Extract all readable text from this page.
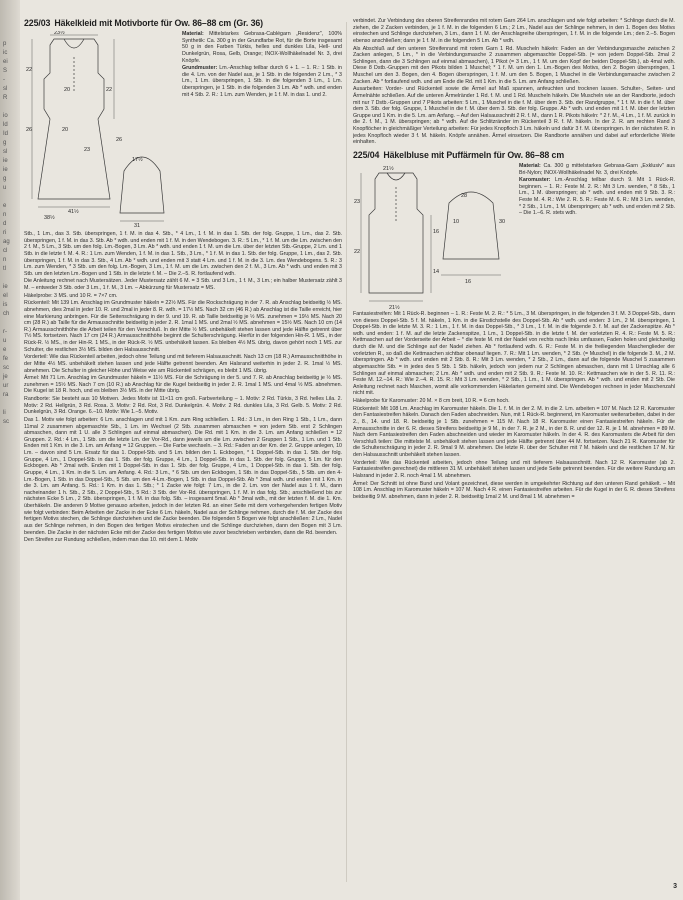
p
ic
ei
S
-
sl
R

io
ld
Id
g
sl
ie
ie
g
u

e
n
d
ri
ag
cl
n
tl

ie
el
is
ch

r-
u
e
fe
sc
je
ur
ra

li
sc

225/03 Häkelkleid mit Motivborte für Ow. 86–88 cm (Gr. 36)
23½
22
26
20	22
20
23
26
41½
38½
17½
31
Material: Mittelstarkes Gebrasa-Cablégarn „Residenz", 100% Synthetik: Ca. 300 g in der Grundfarbe Rot, für die Borte insgesamt 50 g in den Farben Türkis, helles und dunkles Lila, Hell- und Dunkelgrün, Rosa, Gelb, Orange; INOX-Wollhäkelnadel Nr. 3, drei Knöpfe.
Grundmuster: Lm.-Anschlag teilbar durch 6 + 1. – 1. R.: 1 Stb. in die 4. Lm. von der Nadel aus, je 1 Stb. in die folgenden 2 Lm., * 3 Lm., 1 Lm. überspringen, 1 Stb. in die folgenden 3 Lm., 1 Lm. überspringen, je 1 Stb. in die folgenden 3 Lm. Ab * wdh. und enden mit 4 Stb. 2. R.: 1 Lm. zum Wenden, je 1 f. M. in das 1. und 2.
Stb., 1 Lm., das 3. Stb. überspringen, 1 f. M. in das 4. Stb., * 4 Lm., 1 f. M. in das 1. Stb. der folg. Gruppe, 1 Lm., das 2. Stb. überspringen, 1 f. M. in das 3. Stb. Ab * wdh. und enden mit 1 f. M. in den Wendebogen. 3. R.: 5 Lm., * 1 f. M. um die Lm. zwischen den 2 f. M., 5 Lm., 3 Stb. um den folg. Lm.-Bogen, 3 Lm. Ab * wdh. und enden 1 f. M. um die Lm. über der letzten Stb.-Gruppe, 2 Lm. und 1 Stb. in die letzte f. M. 4. R.: 1 Lm. zum Wenden, 1 f. M. in das 1. Stb., 3 Lm., * 1 f. M. in das 1. Stb. der folg. Gruppe, 1 Lm., das 2. Stb. überspringen, 1 f. M. in das 3. Stb., 4 Lm. Ab * wdh. und enden mit 3 statt 4 Lm. und 1 f. M. in die 3. Lm. des Wendebogens. 5. R.: 3 Lm. zum Wenden, * 3 Stb. um den folg. Lm.-Bogen, 3 Lm., 1 f. M. um die Lm. zwischen den 2 f. M., 3 Lm. Ab * wdh. und enden mit 3 Stb. um den letzten Lm.-Bogen und 1 Stb. in die letzte f. M. – Die 2.–5. R. fortlaufend wdh.
Die Anleitung rechnet nach Mustersätzen. Jeder Mustersatz zählt 6 M. = 3 Stb. und 3 Lm., 1 f. M., 3 Lm.; ein halber Mustersatz zählt 3 M. – entweder 3 Stb. oder 3 Lm., 1 f. M., 3 Lm. – Abkürzung für Mustersatz = MS.
Häkelprobe: 3 MS. und 10 R. = 7×7 cm.
Rückenteil: Mit 139 Lm. Anschlag im Grundmuster häkeln = 22½ MS. Für die Rockschrägung in der 7. R. ab Anschlag beidseitig ½ MS. abnehmen, dies 2mal in jeder 10. R. und 2mal in jeder 8. R. wdh. = 17½ MS. Nach 32 cm (46 R.) ab Anschlag ist die Taille erreicht, hier eine Markierung anbringen. Für die Seitenschrägung in der 9. und 19. R. ab Taille beidseitig je ½ MS. zunehmen = 19½ MS. Nach 20 cm (28 R.) ab Taille für die Armausschnitte beidseitig in jeder 2. R. 1mal 1 MS. und 2mal ½ MS. abnehmen = 15½ MS. Nach 10 cm (14 R.) Armausschnitthöhe die Arbeit teilen für den Verschluß. In der Mitte ½ MS. unbehäkelt stehen lassen und jede Hälfte getrennt über 7½ MS. fortsetzen. Nach 17 cm (24 R.) Armausschnitthöhe beginnt die Schulterschrägung. Hierfür in der folgenden Hin-R. 1 MS., in der Rück-R. ½ MS., in der Hin-R. 1 MS., in der Rück-R. ½ MS. unbehäkelt lassen. Es bleiben 4½ MS. übrig, davon gehört noch 1 MS. zur Schulter, die restlichen 3½ MS. bilden den Halsausschnitt.
Vorderteil: Wie das Rückenteil arbeiten, jedoch ohne Teilung und mit tieferem Halsausschnitt. Nach 13 cm (18 R.) Armausschnitthöhe in der Mitte 4½ MS. unbehäkelt stehen lassen und jede Hälfte getrennt beenden. Am Halsrand weiterhin in jeder 2. R. 1mal ½ MS. abnehmen. Die Schulter in gleicher Höhe und Weise wie am Rückenteil schrägen, es bleibt 1 MS. übrig.
Ärmel: Mit 71 Lm. Anschlag im Grundmuster häkeln = 11½ MS. Für die Schrägung in der 5. und 7. R. ab Anschlag beidseitig je ½ MS. zunehmen = 15½ MS. Nach 7 cm (10 R.) ab Anschlag für die Kugel beidseitig in jeder 2. R. 1mal 1 MS. und 4mal ½ MS. abnehmen. Die Kugel ist 18 R. hoch, und es bleiben 3½ MS. in der Mitte übrig.
Randborte: Sie besteht aus 10 Motiven. Jedes Motiv ist 11×11 cm groß. Farbverteilung – 1. Motiv: 2 Rd. Türkis, 3 Rd. helles Lila. 2. Motiv: 2 Rd. Hellgrün, 3 Rd. Rosa. 3. Motiv: 2 Rd. Rot, 3 Rd. Dunkelgrün. 4. Motiv: 2 Rd. dunkles Lila, 3 Rd. Gelb. 5. Motiv: 2 Rd. Dunkelgrün, 3 Rd. Orange. 6.–10. Motiv: Wie 1.–5. Motiv.
Das 1. Motiv wie folgt arbeiten: 6 Lm. anschlagen und mit 1 Km. zum Ring schließen. 1. Rd.: 3 Lm., in den Ring 1 Stb., 1 Lm., dann 11mal 2 zusammen abgemaschte Stb., 1 Lm. im Wechsel (2 Stb. zusammen abmaschen = von jedem Stb. erst 2 Schlingen abmaschen, dann mit 1 U. alle 3 Schlingen auf einmal abmaschen). Die Rd. mit 1 Km. in die 3. Lm. am Anfang schließen = 12 Gruppen. 2. Rd.: 4 Lm., 1 Stb. um die letzte Lm. der Vor-Rd., dann jeweils um die Lm. zwischen 2 Gruppen 1 Stb., 1 Lm. und 1 Stb. Enden mit 1 Km. in die 3. Lm. am Anfang = 12 Gruppen. – Die Farbe wechseln. – 3. Rd.: Faden an der Km. der 2. Gruppe anlegen, 10 Lm. – davon sind 5 Lm. Ersatz für das 1. Doppel-Stb. und 5 Lm. bilden den 1. Eckbogen, * 1 Doppel-Stb. in das 1. Stb. der folg. Gruppe, 4 Lm., 1 Doppel-Stb. in das 1. Stb. der folg. Gruppe, 4 Lm., 1 Doppel-Stb. in das 1. Stb. der folg. Gruppe, 5 Lm. für den Eckbogen. Ab * 2mal wdh. Enden mit 1 Doppel-Stb. in das 1. Stb. der folg. Gruppe, 4 Lm., 1 Doppel-Stb. in das 1. Stb. der folg. Gruppe, 4 Lm., 1 Km. in die 5. Lm. am Anfang. 4. Rd.: 3 Lm., * 6 Stb. um den Eckbogen, 1 Stb. in das Doppel-Stb., 5 Stb. um den 4-Lm.-Bogen, 1 Stb. in das Doppel-Stb., 5 Stb. um den 4-Lm.-Bogen, 1 Stb. in das Doppel-Stb. Ab * 3mal wdh. und enden mit 1 Km. in die 3. Lm. am Anfang. 5. Rd.: 1 Km. in das 1. Stb.; * 1 Zacke wie folgt: 7 Lm., in die 2. Lm. von der Nadel aus 1 f. M., dann nacheinander 1 h. Stb., 2 Stb., 2 Doppel-Stb., 5 Rd.: 3 Stb. der Vor-Rd. überspringen, 1 f. M. in das folg. Stb.; anschließend bis zur nächsten Ecke 5 Lm., 2 Stb. überspringen, 1 f. M. in das folg. Stb. – insgesamt 5mal. Ab * 3mal wdh., mit der letzten f. M. die 1. Km. überhäkeln. Die anderen 9 Motive genauso arbeiten, jedoch in der letzten Rd. an einer Seite mit dem vorhergehenden fertigen Motiv wie folgt verbinden: Beim Arbeiten der Zacke in der Ecke 6 Lm. häkeln, Nadel aus der Schlinge nehmen, durch die f. M. der Zacke des fertigen Motivs stechen, die Schlinge durchziehen und die Zacke beenden. Die folgenden 5 Bogen wie folgt anschließen: 2 Lm., Nadel aus der Schlinge nehmen, in den Bogen des fertigen Motivs einstechen und die Schlinge durchziehen, dann den Bogen mit 3 Lm. beenden. Die Zacke in der nächsten Ecke mit der Zacke des fertigen Motivs wie zuvor beschrieben verbinden, dann die Rd. beenden.
Den Streifen zur Rundung schließen, indem man das 10. mit dem 1. Motiv
verbindet. Zur Verbindung des oberen Streifenrandes mit rotem Garn 264 Lm. anschlagen und wie folgt arbeiten: * Schlinge durch die M. ziehen, die 2 Zacken verbinden, je 1 f. M. in die folgenden 6 Lm.; 2 Lm., Nadel aus der Schlinge nehmen, in den 1. Bogen des Motivs einstechen und Schlinge durchziehen, 3 Lm., dann 1 f. M. der Anschlagreihe überspringen, 1 f. M. in die folgende Lm.; den 2.–5. Bogen ebenso anschließen; dann je 1 f. M. in die folgenden 5 Lm. Ab * wdh.
Als Abschluß auf den unteren Streifenrand mit rotem Garn 1 Rd. Muscheln häkeln: Faden an der Verbindungsmasche zwischen 2 Zacken anlegen, 5 Lm., * in die Verbindungsmasche 2 zusammen abgemaschte Doppel-Stb. (= von jedem Doppel-Stb. 2mal 2 Schlingen, dann die 3 Schlingen auf einmal abmaschen), 1 Pikot (= 3 Lm., 1 f. M. um den Kopf der beiden Doppel-Stb.), ab 4mal wdh. Diese 8 Dstb.-Gruppen mit den Pikots bilden 1 Muschel; * 1 f. M. um den 1. Lm.-Bogen des Motivs, den 2. Bogen überspringen, 1 Muschel um den 3. Bogen, den 4. Bogen überspringen, 1 f. M. um den 5. Bogen, 1 Muschel in die Verbindungsmasche zwischen 2 Zacken. Ab * fortlaufend wdh. und am Ende die Rd. mit 1 Km. in die 5. Lm. am Anfang schließen.
Ausarbeiten: Vorder- und Rückenteil sowie die Ärmel auf Maß spannen, anfeuchten und trocknen lassen. Schulter-, Seiten- und Ärmelnähte schließen. Auf die unteren Ärmelränder 1 Rd. f. M. und 1 Rd. Muscheln häkeln. Die Muscheln wie an der Randborte, jedoch mit nur 7 Dstb.-Gruppen und 7 Pikots arbeiten: 5 Lm., 1 Muschel in die f. M. über dem 3. Stb. der Randgruppe, * 1 f. M. in die f. M. über dem 3. Stb. der folg. Gruppe, 1 Muschel in die f. M. über dem 3. Stb. der folg. Gruppe. Ab * wdh. und enden mit 1 f. M. über der letzten Gruppe und 1 Km. in die 5. Lm. am Anfang. – Auf den Halsausschnitt 2 R. f. M., dann 1 R. Pikots häkeln: * 2 f. M., 4 Lm., 1 f. M. zurück in die 2. f. M., 1 M. überspringen; ab * wdh. Auf die Schlitzränder im Rückenteil 3 R. f. M. häkeln. In der 2. R. am rechten Rand 3 Knopflöcher in gleichmäßiger Verteilung arbeiten: Für jedes Knopfloch 3 Lm. häkeln und dafür 3 f. M. überspringen. In der nächsten R. in jedes Knopfloch wieder 3 f. M. häkeln. Knöpfe annähen. Ärmel einsetzen. Die Randborte annähen und dabei auf erforderliche Weite einhalten.
225/04 Häkelbluse mit Puffärmeln für Ow. 86–88 cm
21½
23
22
16
14
28
21½
10
16
30
Material: Ca. 300 g mittelstarkes Gebrasa-Garn „Exklusiv" aus Bri-Nylon; INOX-Wollhäkelnadel Nr. 3, drei Knöpfe.
Karomuster: Lm.-Anschlag teilbar durch 9. Mit 1 Rück-R. beginnen. – 1. R.: Feste M. 2. R.: Mit 3 Lm. wenden, * 8 Stb., 1 Lm., 1 M. überspringen; ab * wdh. und enden mit 9 Stb. 3. R.: Feste M. 4. R.: Wie 2. R. 5. R.: Feste M. 6. R.: Mit 3 Lm. wenden, * 2 Stb., 1 Lm., 1 M. überspringen; ab * wdh. und enden mit 2 Stb. – Die 1.–6. R. stets wdh.
Fantasiestreifen: Mit 1 Rück-R. beginnen – 1. R.: Feste M. 2. R.: * 5 Lm., 3 M. überspringen, in die folgenden 3 f. M. 3 Doppel-Stb., dann von dieses Doppel-Stb. 5 f. M. häkeln, 1 Km. in die Einstichstelle des Doppel-Stb. Ab * wdh. und enden: 3 Lm., 2 M. überspringen, 1 Doppel-Stb. in die letzte M. 3. R.: 1 Lm., 1 f. M. in das Doppel-Stb., * 3 Lm., 1 f. M. in die folgende 3. f. M. auf der Zackenspitze. Ab * wdh. und enden: 1 f. M. auf die letzte Zackenspitze, 1 Lm., 1 Doppel-Stb. in die letzte f. M. der vorletzten R. 4. R.: Feste M. 5. R.: Kettmaschen auf der Vorderseite der Arbeit – * die feste M. mit der Nadel von rechts nach links umfassen, Faden holen und gleichzeitig durch die M. und die Schlinge auf der Nadel ziehen. Ab * fortlaufend wdh. 6. R.: Feste M. in die freiliegenden Maschenglieder der vorletzten R., so daß die Kettmaschen sichtbar obenauf liegen. 7. R.: Mit 1 Lm. wenden, * 2 Stb. (= Muschel) in die folgende 3. M., 2 M. überspringen. Ab * wdh. und enden mit 2 Stb. 8. R.: Mit 3 Lm. wenden, * 2 Stb., 2 Lm., dann auf die folgende Muschel 5 zusammen abgemaschte Stb. = in jedes des 5 Stb. 1 Stb. häkeln, jedoch von jedem nur 2 Schlingen abmaschen, dann mit 1 Umschlag alle 6 Schlingen auf einmal abmaschen; 2 Lm. Ab * wdh. und enden mit 2 Stb. 9. R.: Feste M. 10. R.: Kettmaschen wie in der 5. R. 11. R.: Feste M. 12.–14. R.: Wie 2.–4. R. 15. R.: Mit 3 Lm. wenden, * 2 Stb., 1 Lm., 1 M. überspringen. Ab * wdh. und enden mit 2 Stb. Die Anleitung rechnet nach Maschen, womit alle vorkommenden Häkelarten gemeint sind. Die Wendebogen rechnen in jeder Maschenzahl nicht mit.
Häkelprobe für Karomuster: 20 M. × 8 cm breit, 10 R. = 6 cm hoch.
Rückenteil: Mit 108 Lm. Anschlag im Karomuster häkeln. Die 1. f. M. in der 2. M. in die 2. Lm. arbeiten = 107 M. Nach 12 R. Karomuster den Fantasiestreifen häkeln. Danach den Faden abschneiden. Nun, mit 1 Rück-R. beginnend, im Karomuster weiterarbeiten, dabei in der 2., 8., 14. und 18. R. beidseitig je 1 Stb. zunehmen = 115 M. Nach 18 R. Karomuster einen Fantasiestreifen häkeln. Für die Armausschnitte in der 6. R. dieses Streifens beidseitig je 9 M., in der 7. R. je 2 M., in der 8. R. und der 12. R. je 1 M. abnehmen = 89 M. Nach dem Fantasiestreifen den Faden abschneiden und wieder im Karomuster häkeln. In der 4. R. des Karomusters die Arbeit für den Verschluß teilen: Die mittelste M. unbehäkelt stehen lassen und jede Hälfte getrennt über 44 M. fortsetzen. Nach 21 R. Karomuster für die Schulterschrägung in jeder 2. R. 9mal 9 M. abnehmen. Die letzte R. über der Schulter mit 7 M. häkeln und die restlichen 17 M. für den Halsausschnitt unbehäkelt stehen lassen.
Vorderteil: Wie das Rückenteil arbeiten, jedoch ohne Teilung und mit tieferem Halsausschnitt. Nach 12 R. Karomuster (ab 2. Fantasiestreifen gerechnet) die mittleren 31 M. unbehäkelt stehen lassen und jede Seite getrennt beenden. Für die weitere Rundung am Halsrand in jeder 2. R. noch 4mal 1 M. abnehmen.
Ärmel: Der Schnitt ist ohne Bund und Volant gezeichnet, diese werden in umgekehrter Richtung auf den unteren Rand gehäkelt. – Mit 108 Lm. Anschlag im Karomuster häkeln = 107 M. Nach 4 R. einen Fantasiestreifen arbeiten. Für die Kugel in der 6. R. dieses Streifens beidseitig 9 M. abnehmen, dann in jeder 2. R. beidseitig 1mal 2 M. und 8mal 1 M. abnehmen =
3
